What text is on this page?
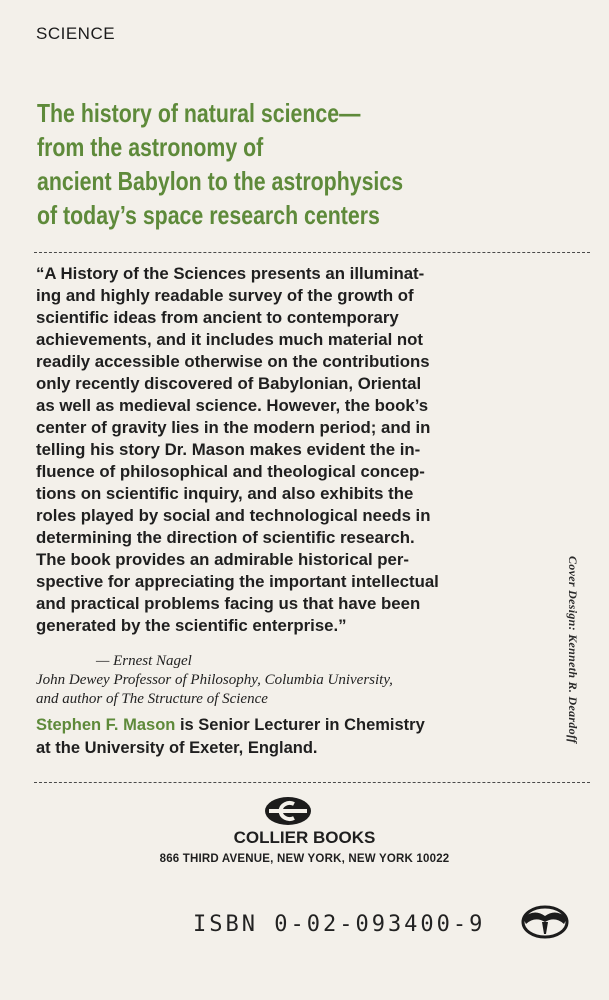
SCIENCE
The history of natural science—
from the astronomy of
ancient Babylon to the astrophysics
of today’s space research centers
“A History of the Sciences presents an illuminat-
ing and highly readable survey of the growth of
scientific ideas from ancient to contemporary
achievements, and it includes much material not
readily accessible otherwise on the contributions
only recently discovered of Babylonian, Oriental
as well as medieval science. However, the book’s
center of gravity lies in the modern period; and in
telling his story Dr. Mason makes evident the in-
fluence of philosophical and theological concep-
tions on scientific inquiry, and also exhibits the
roles played by social and technological needs in
determining the direction of scientific research.
The book provides an admirable historical per-
spective for appreciating the important intellectual
and practical problems facing us that have been
generated by the scientific enterprise.”
— Ernest Nagel
John Dewey Professor of Philosophy, Columbia University,
and author of The Structure of Science
Stephen F. Mason is Senior Lecturer in Chemistry
at the University of Exeter, England.
Cover Design: Kenneth R. Deardoff
COLLIER BOOKS
866 THIRD AVENUE, NEW YORK, NEW YORK 10022
ISBN 0-02-093400-9
